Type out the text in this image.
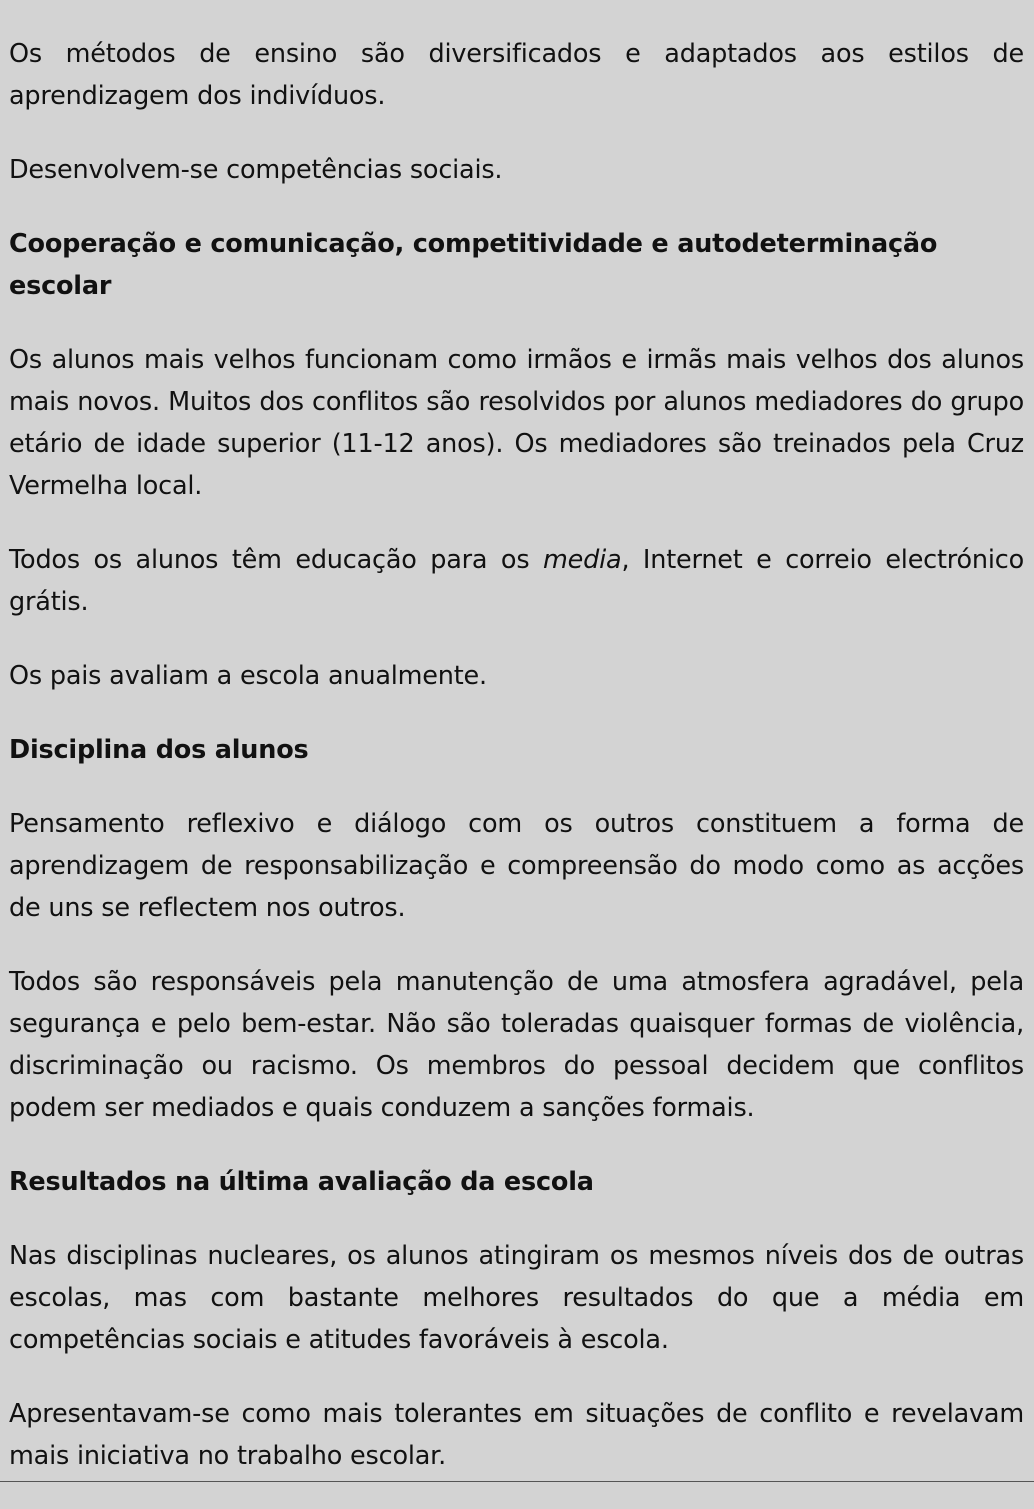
Os métodos de ensino são diversificados e adaptados aos estilos de aprendizagem dos indivíduos.

Desenvolvem-se competências sociais.

Cooperação e comunicação, competitividade e autodeterminação escolar

Os alunos mais velhos funcionam como irmãos e irmãs mais velhos dos alunos mais novos. Muitos dos conflitos são resolvidos por alunos mediadores do grupo etário de idade superior (11-12 anos). Os mediadores são treinados pela Cruz Vermelha local.

Todos os alunos têm educação para os media, Internet e correio electrónico grátis.

Os pais avaliam a escola anualmente.

Disciplina dos alunos

Pensamento reflexivo e diálogo com os outros constituem a forma de aprendizagem de responsabilização e compreensão do modo como as acções de uns se reflectem nos outros.

Todos são responsáveis pela manutenção de uma atmosfera agradável, pela segurança e pelo bem-estar. Não são toleradas quaisquer formas de violência, discriminação ou racismo. Os membros do pessoal decidem que conflitos podem ser mediados e quais conduzem a sanções formais.

Resultados na última avaliação da escola

Nas disciplinas nucleares, os alunos atingiram os mesmos níveis dos de outras escolas, mas com bastante melhores resultados do que a média em competências sociais e atitudes favoráveis à escola.

Apresentavam-se como mais tolerantes em situações de conflito e revelavam mais iniciativa no trabalho escolar.
